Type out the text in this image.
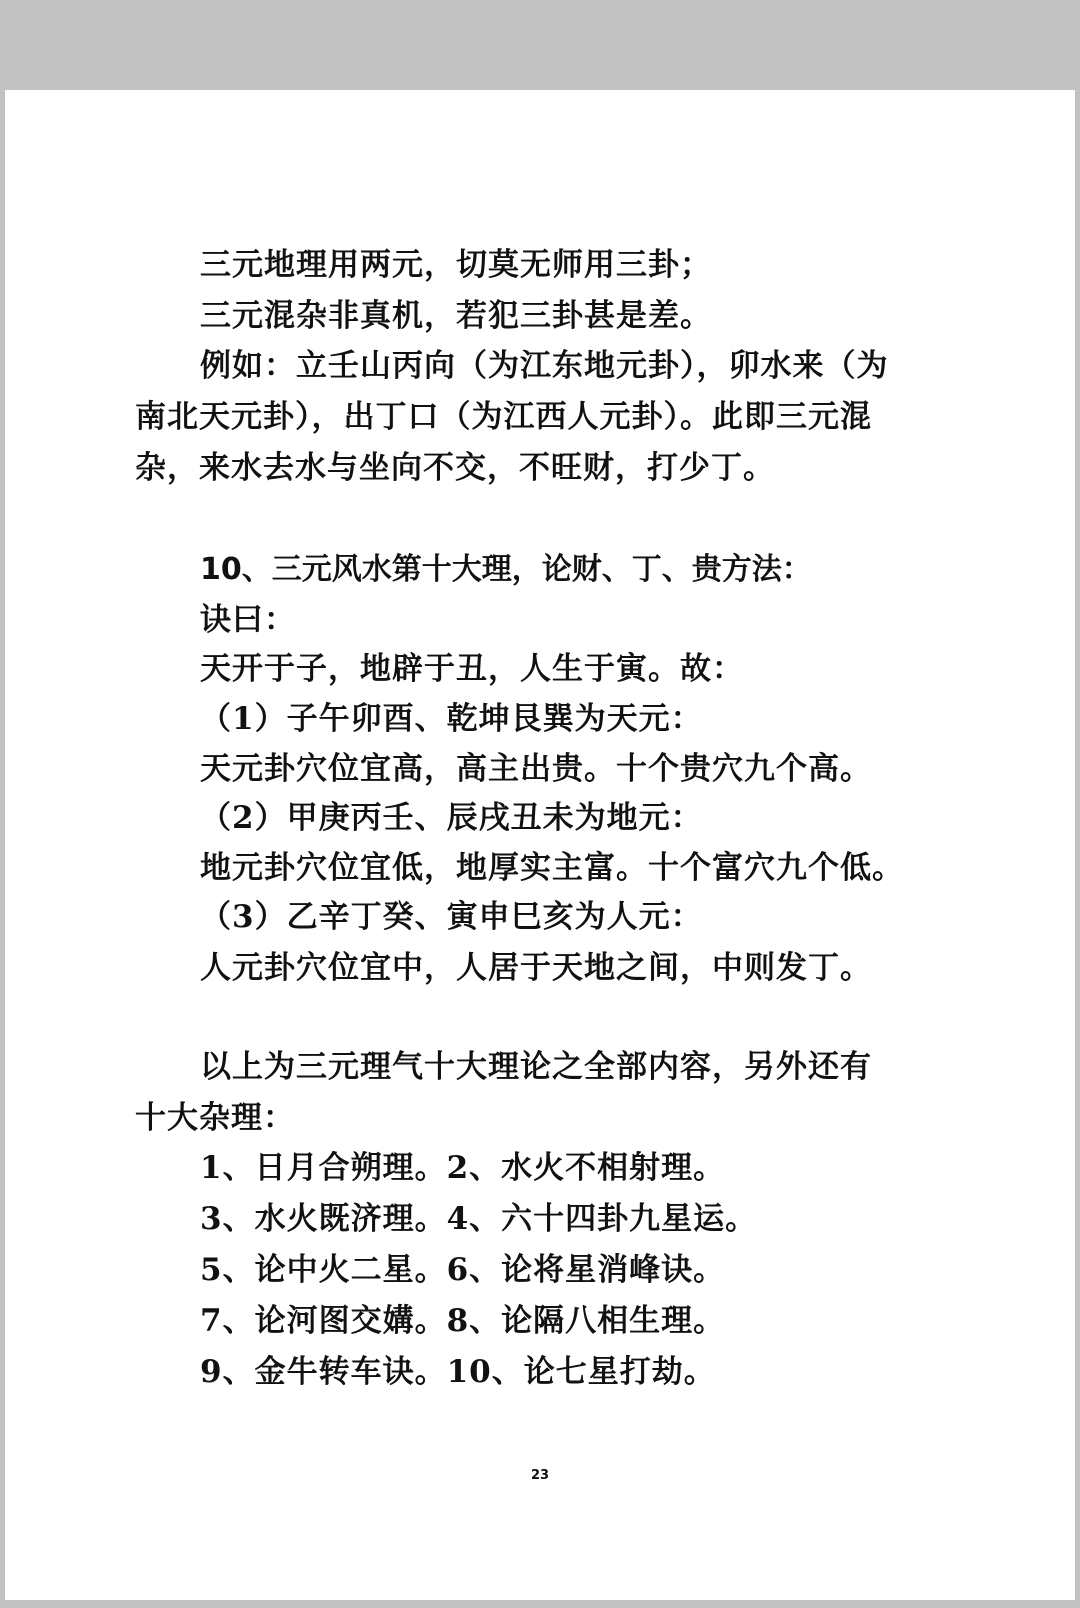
三元地理用两元，切莫无师用三卦；
三元混杂非真机，若犯三卦甚是差。
例如：立壬山丙向（为江东地元卦），卯水来（为
南北天元卦），出丁口（为江西人元卦）。此即三元混
杂，来水去水与坐向不交，不旺财，打少丁。
10、三元风水第十大理，论财、丁、贵方法：
诀曰：
天开于子，地辟于丑，人生于寅。故：
（1）子午卯酉、乾坤艮巽为天元：
天元卦穴位宜高，高主出贵。十个贵穴九个高。
（2）甲庚丙壬、辰戌丑未为地元：
地元卦穴位宜低，地厚实主富。十个富穴九个低。
（3）乙辛丁癸、寅申巳亥为人元：
人元卦穴位宜中，人居于天地之间，中则发丁。
以上为三元理气十大理论之全部内容，另外还有
十大杂理：
1、日月合朔理。2、水火不相射理。
3、水火既济理。4、六十四卦九星运。
5、论中火二星。6、论将星消峰诀。
7、论河图交媾。8、论隔八相生理。
9、金牛转车诀。10、论七星打劫。
23
